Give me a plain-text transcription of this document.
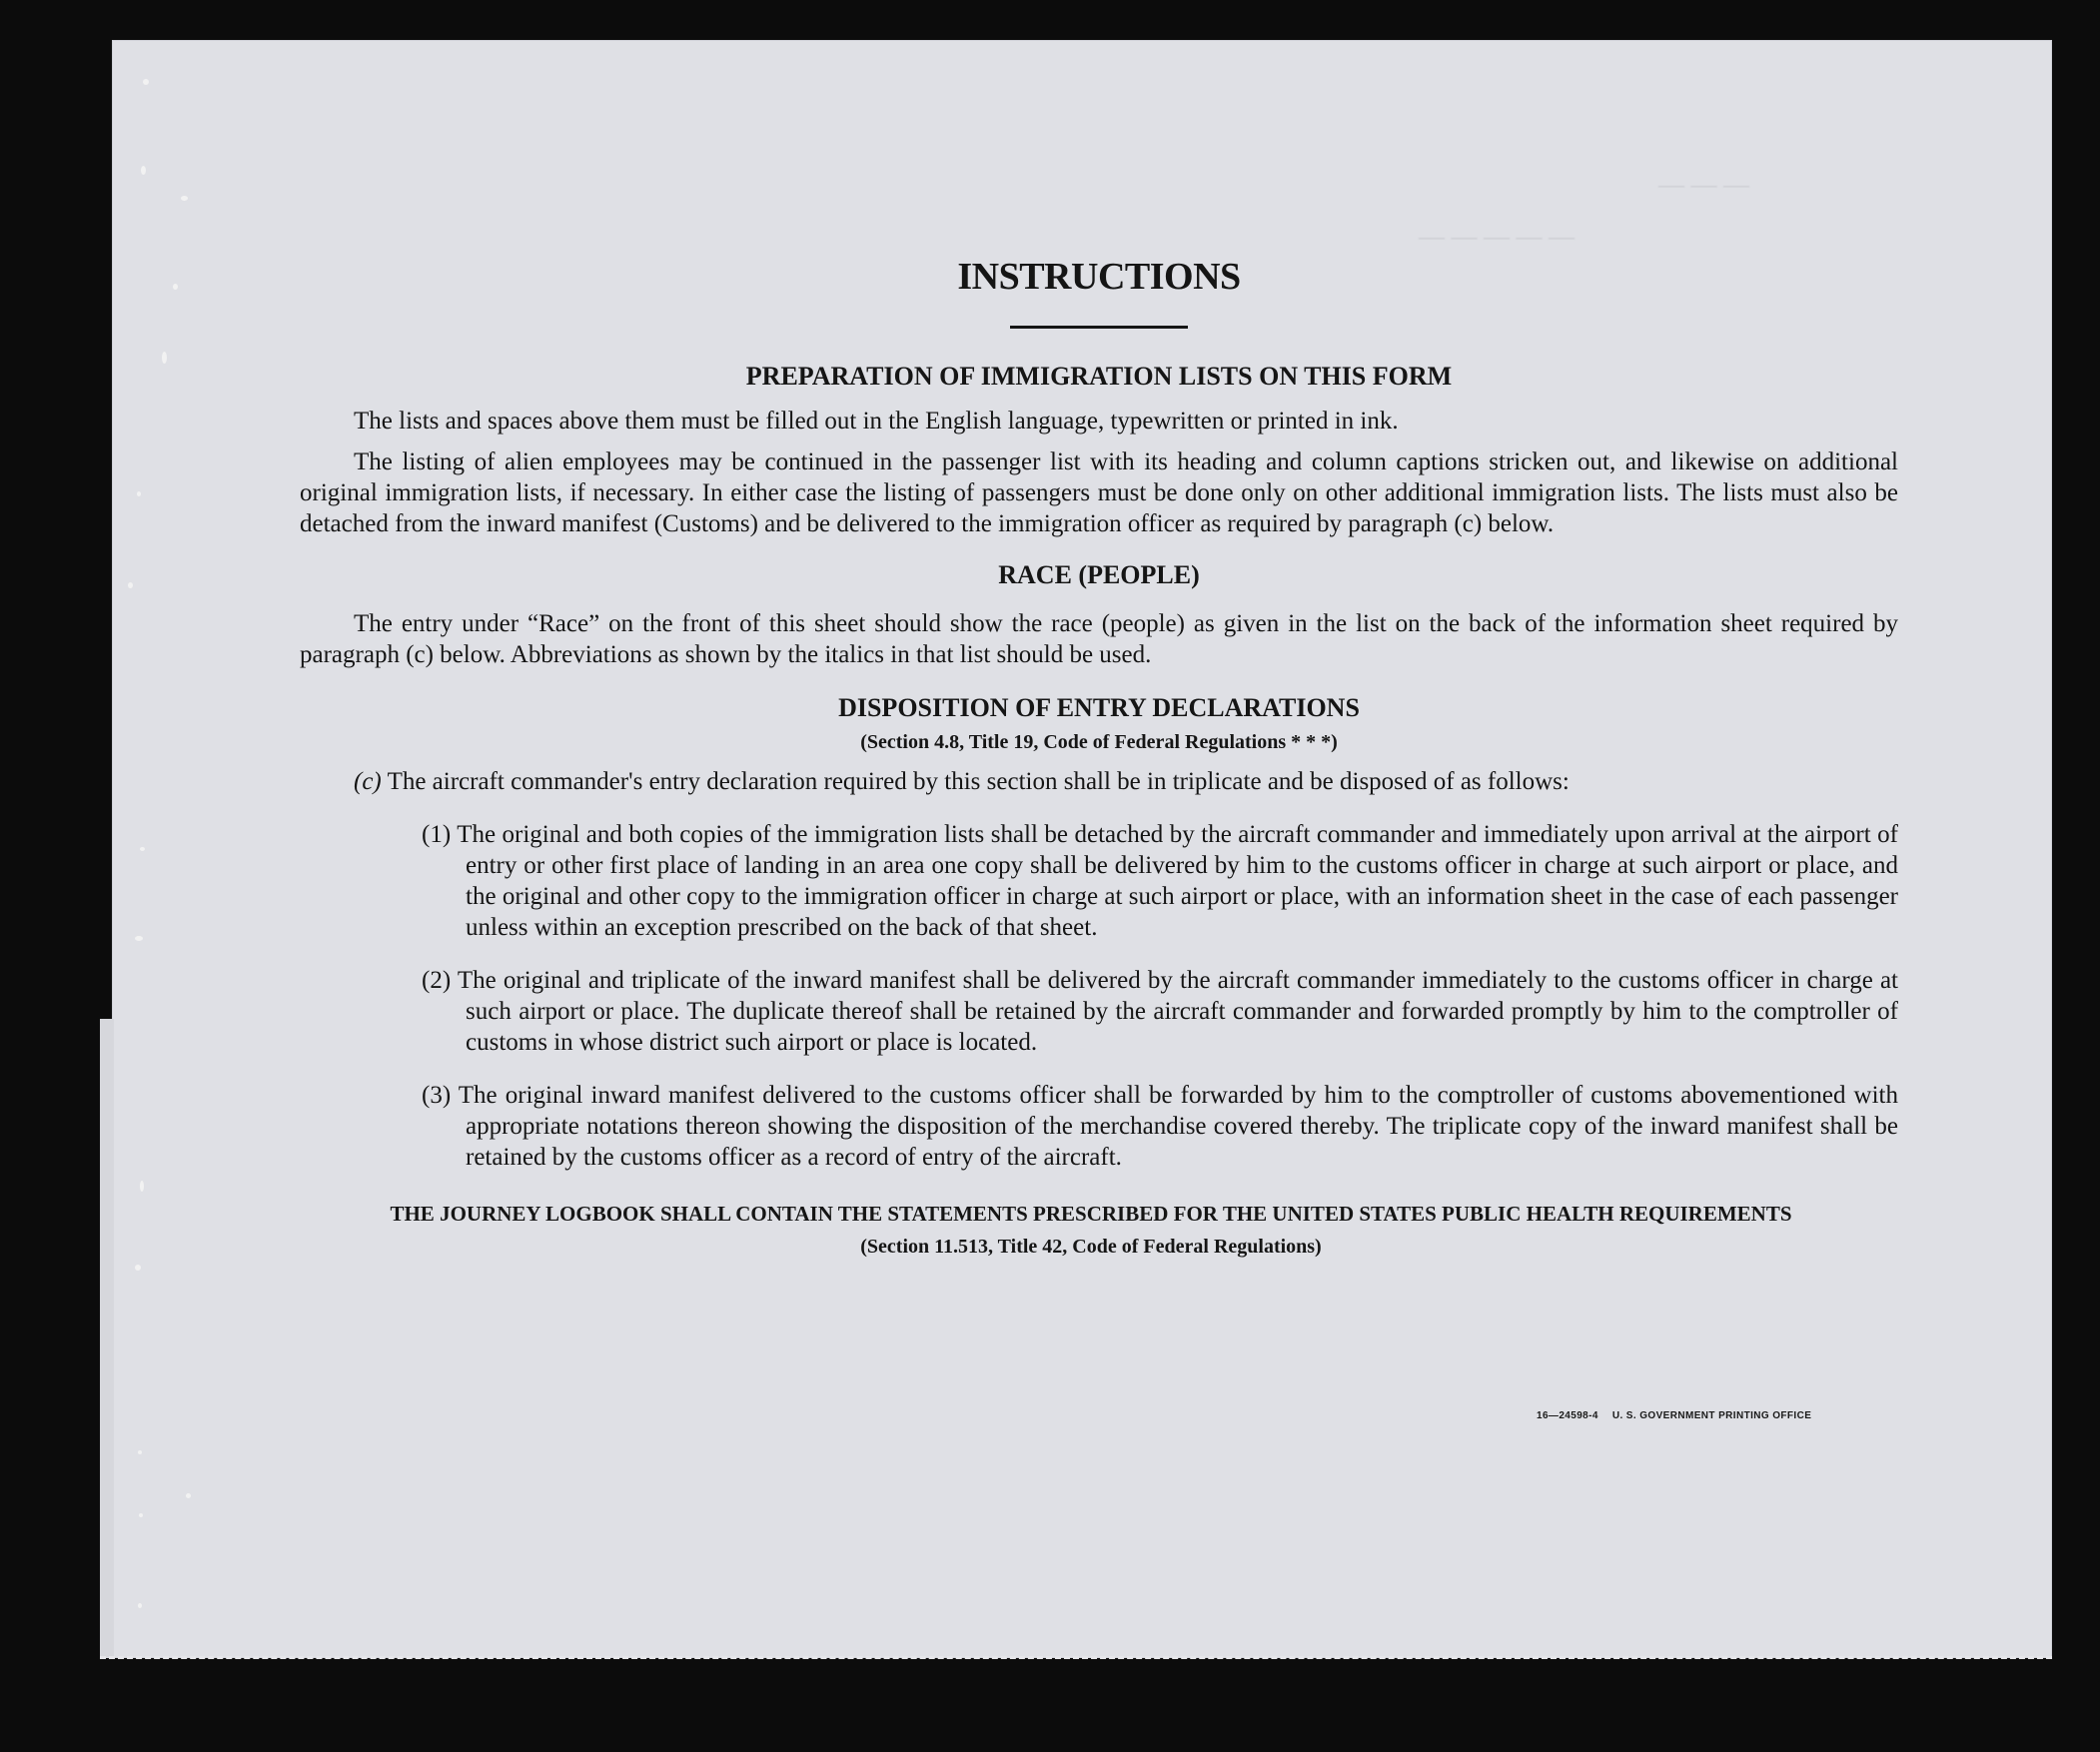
― ― ―
― ― ― ― ―
INSTRUCTIONS
PREPARATION OF IMMIGRATION LISTS ON THIS FORM

The lists and spaces above them must be filled out in the English language, typewritten or printed in ink.

The listing of alien employees may be continued in the passenger list with its heading and column captions stricken out, and likewise on additional original immigration lists, if necessary. In either case the listing of passengers must be done only on other additional immigration lists. The lists must also be detached from the inward manifest (Customs) and be delivered to the immigration officer as required by paragraph (c) below.

RACE (PEOPLE)

The entry under “Race” on the front of this sheet should show the race (people) as given in the list on the back of the information sheet required by paragraph (c) below. Abbreviations as shown by the italics in that list should be used.

DISPOSITION OF ENTRY DECLARATIONS
(Section 4.8, Title 19, Code of Federal Regulations * * *)

(c) The aircraft commander's entry declaration required by this section shall be in triplicate and be disposed of as follows:

(1) The original and both copies of the immigration lists shall be detached by the aircraft commander and immediately upon arrival at the airport of entry or other first place of landing in an area one copy shall be delivered by him to the customs officer in charge at such airport or place, and the original and other copy to the immigration officer in charge at such airport or place, with an information sheet in the case of each passenger unless within an exception prescribed on the back of that sheet.

(2) The original and triplicate of the inward manifest shall be delivered by the aircraft commander immediately to the customs officer in charge at such airport or place. The duplicate thereof shall be retained by the aircraft commander and forwarded promptly by him to the comptroller of customs in whose district such airport or place is located.

(3) The original inward manifest delivered to the customs officer shall be forwarded by him to the comptroller of customs abovementioned with appropriate notations thereon showing the disposition of the merchandise covered thereby. The triplicate copy of the inward manifest shall be retained by the customs officer as a record of entry of the aircraft.

THE JOURNEY LOGBOOK SHALL CONTAIN THE STATEMENTS PRESCRIBED FOR THE UNITED STATES PUBLIC HEALTH REQUIREMENTS
(Section 11.513, Title 42, Code of Federal Regulations)
16—24598-4 U. S. GOVERNMENT PRINTING OFFICE
